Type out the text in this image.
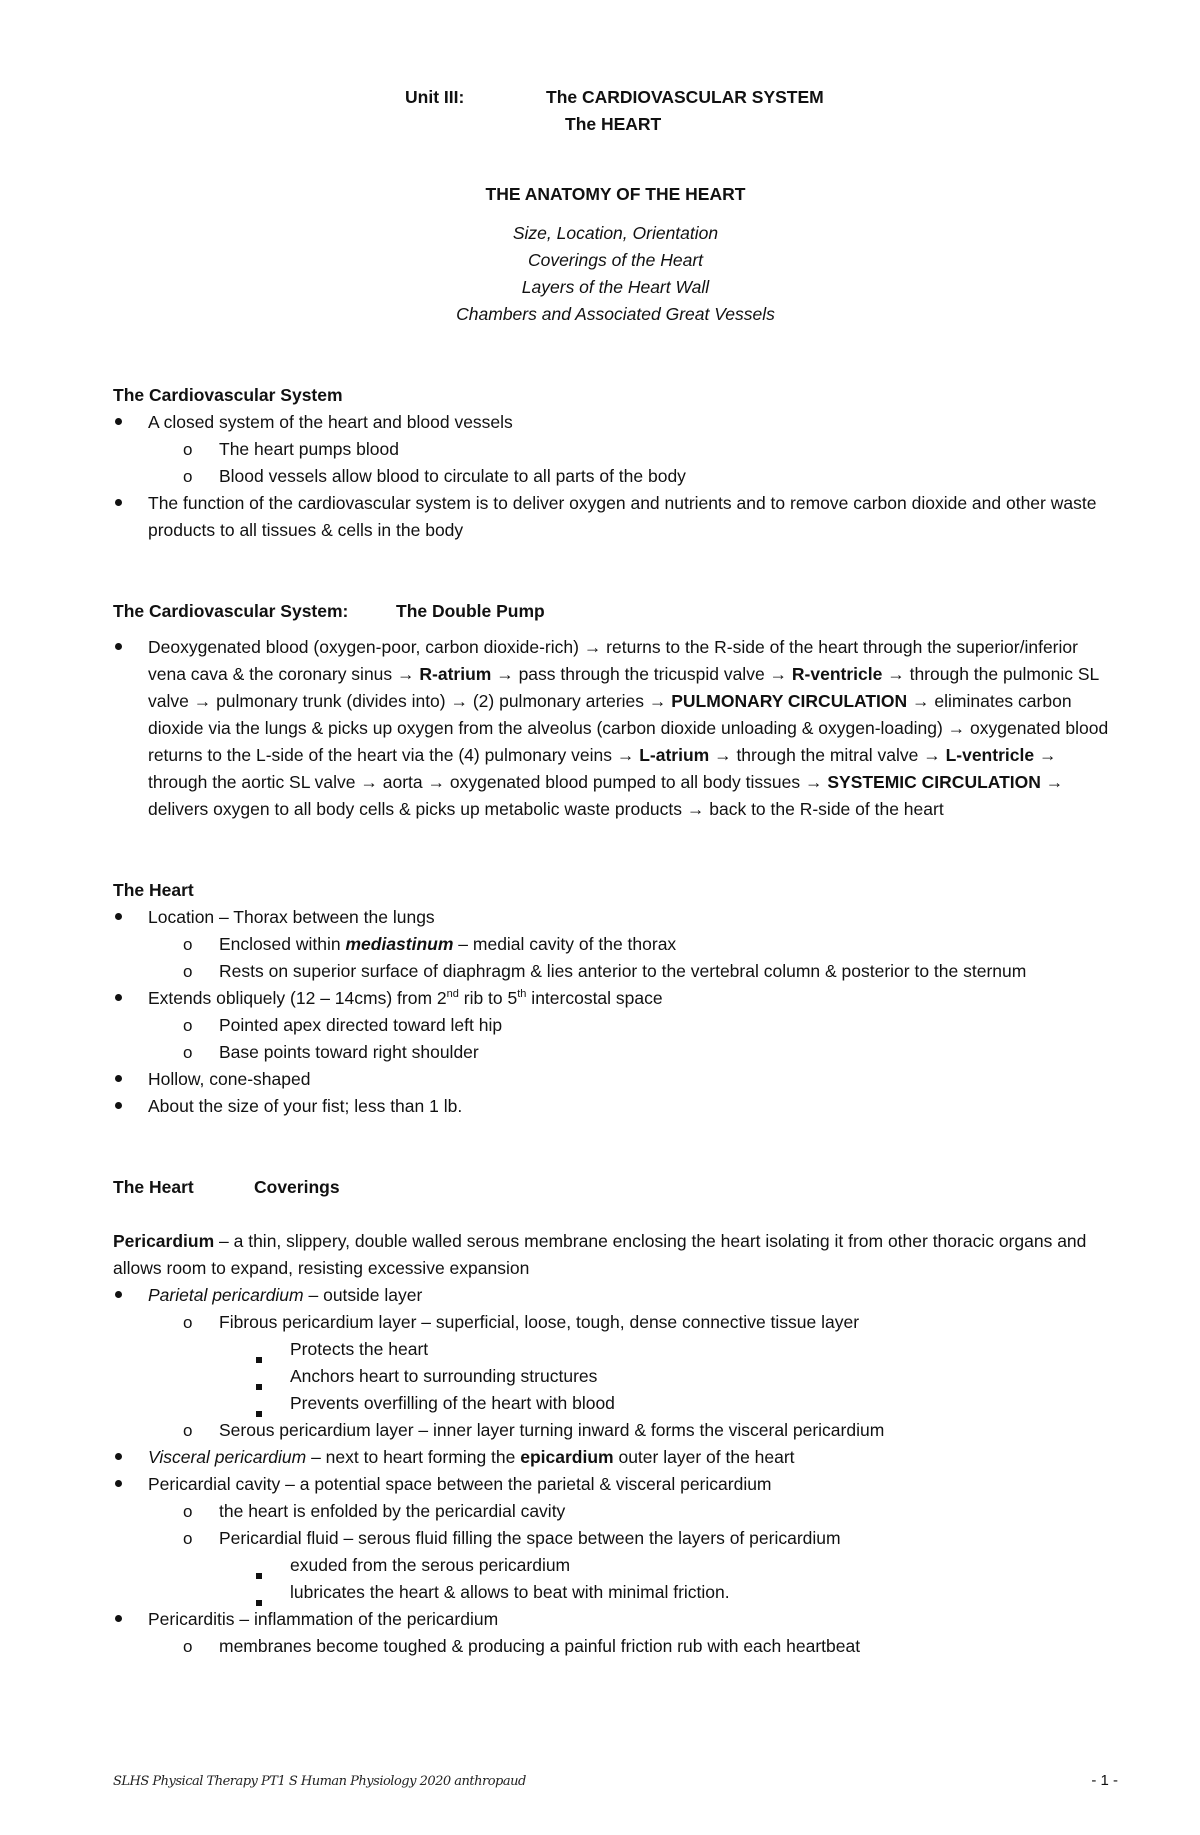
Unit III:	The CARDIOVASCULAR SYSTEM
The HEART

THE ANATOMY OF THE HEART

Size, Location, Orientation

Coverings of the Heart

Layers of the Heart Wall

Chambers and Associated Great Vessels

The Cardiovascular System

A closed system of the heart and blood vessels
o The heart pumps blood
o Blood vessels allow blood to circulate to all parts of the body
The function of the cardiovascular system is to deliver oxygen and nutrients and to remove carbon dioxide and other waste products to all tissues & cells in the body

The Cardiovascular System:	The Double Pump

Deoxygenated blood (oxygen-poor, carbon dioxide-rich) → returns to the R-side of the heart through the superior/inferior vena cava & the coronary sinus → R-atrium → pass through the tricuspid valve → R-ventricle → through the pulmonic SL valve → pulmonary trunk (divides into) → (2) pulmonary arteries → PULMONARY CIRCULATION → eliminates carbon dioxide via the lungs & picks up oxygen from the alveolus (carbon dioxide unloading & oxygen-loading) → oxygenated blood returns to the L-side of the heart via the (4) pulmonary veins → L-atrium → through the mitral valve → L-ventricle → through the aortic SL valve → aorta → oxygenated blood pumped to all body tissues → SYSTEMIC CIRCULATION → delivers oxygen to all body cells & picks up metabolic waste products → back to the R-side of the heart

The Heart

Location – Thorax between the lungs
o Enclosed within mediastinum – medial cavity of the thorax
o Rests on superior surface of diaphragm & lies anterior to the vertebral column & posterior to the sternum
Extends obliquely (12 – 14cms) from 2nd rib to 5th intercostal space
o Pointed apex directed toward left hip
o Base points toward right shoulder
Hollow, cone-shaped
About the size of your fist; less than 1 lb.

The Heart	Coverings

Pericardium – a thin, slippery, double walled serous membrane enclosing the heart isolating it from other thoracic organs and allows room to expand, resisting excessive expansion

Parietal pericardium – outside layer
o Fibrous pericardium layer – superficial, loose, tough, dense connective tissue layer
Protects the heart
Anchors heart to surrounding structures
Prevents overfilling of the heart with blood
o Serous pericardium layer – inner layer turning inward & forms the visceral pericardium
Visceral pericardium – next to heart forming the epicardium outer layer of the heart
Pericardial cavity – a potential space between the parietal & visceral pericardium
o the heart is enfolded by the pericardial cavity
o Pericardial fluid – serous fluid filling the space between the layers of pericardium
exuded from the serous pericardium
lubricates the heart & allows to beat with minimal friction.
Pericarditis – inflammation of the pericardium
o membranes become toughed & producing a painful friction rub with each heartbeat
SLHS Physical Therapy PT1 S Human Physiology 2020 anthropaud	- 1 -
